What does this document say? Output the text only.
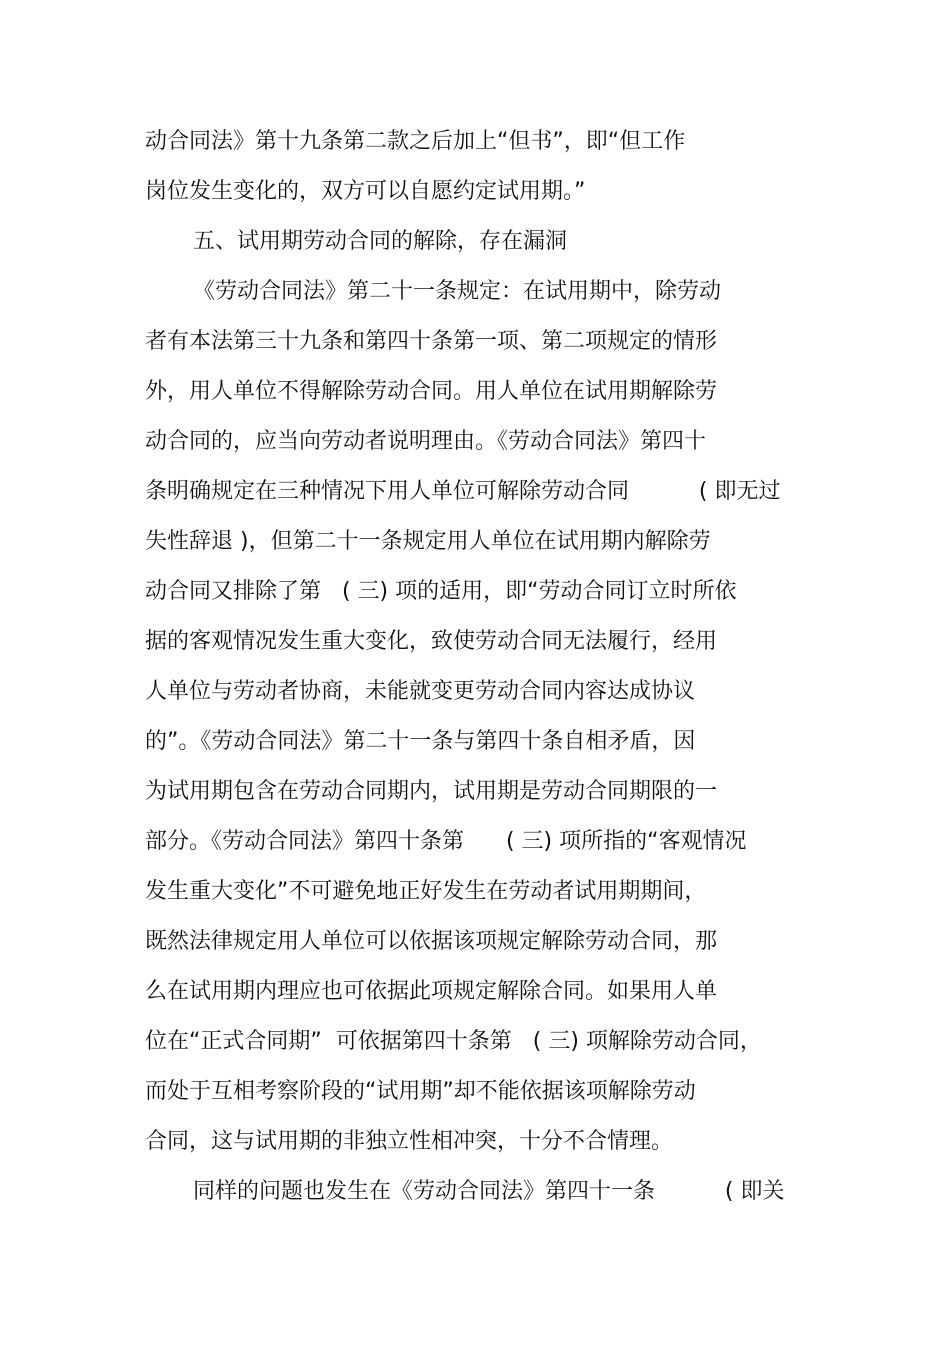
动合同法》第十九条第二款之后加上“但书”，即“但工作
岗位发生变化的，双方可以自愿约定试用期。”
五、试用期劳动合同的解除，存在漏洞
《劳动合同法》第二十一条规定：在试用期中，除劳动
者有本法第三十九条和第四十条第一项、第二项规定的情形
外，用人单位不得解除劳动合同。用人单位在试用期解除劳
动合同的，应当向劳动者说明理由。《劳动合同法》第四十
条明确规定在三种情况下用人单位可解除劳动合同          ( 即无过
失性辞退 )，但第二十一条规定用人单位在试用期内解除劳
动合同又排除了第   ( 三) 项的适用，即“劳动合同订立时所依
据的客观情况发生重大变化，致使劳动合同无法履行，经用
人单位与劳动者协商，未能就变更劳动合同内容达成协议
的”。《劳动合同法》第二十一条与第四十条自相矛盾，因
为试用期包含在劳动合同期内，试用期是劳动合同期限的一
部分。《劳动合同法》第四十条第      ( 三) 项所指的“客观情况
发生重大变化”不可避免地正好发生在劳动者试用期期间，
既然法律规定用人单位可以依据该项规定解除劳动合同，那
么在试用期内理应也可依据此项规定解除合同。如果用人单
位在“正式合同期”  可依据第四十条第   ( 三) 项解除劳动合同，
而处于互相考察阶段的“试用期”却不能依据该项解除劳动
合同，这与试用期的非独立性相冲突，十分不合情理。
同样的问题也发生在《劳动合同法》第四十一条          ( 即关
